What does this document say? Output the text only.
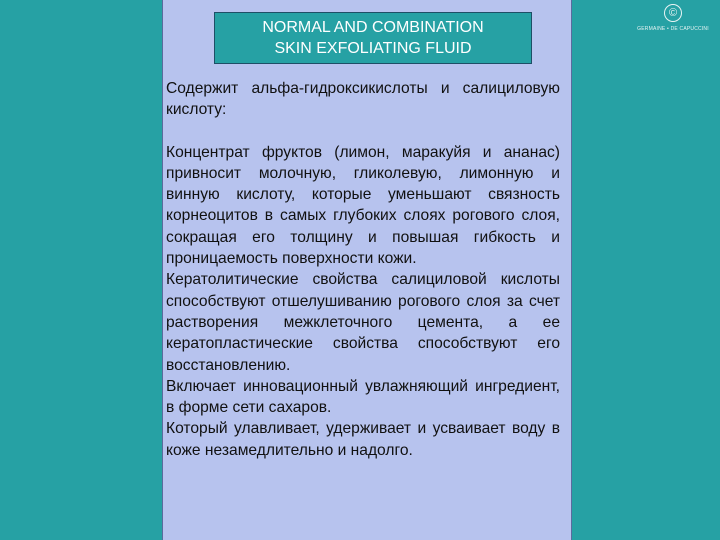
NORMAL AND COMBINATION
SKIN EXFOLIATING FLUID
©
GERMAINE • DE CAPUCCINI

Содержит альфа-гидроксикислоты и салициловую кислоту:

Концентрат фруктов (лимон, маракуйя и ананас) привносит молочную, гликолевую, лимонную и винную кислоту, которые уменьшают связность корнеоцитов в самых глубоких слоях рогового слоя, сокращая его толщину и повышая гибкость и проницаемость поверхности кожи.

Кератолитические свойства салициловой кислоты способствуют отшелушиванию рогового слоя за счет растворения межклеточного цемента, а ее кератопластические свойства способствуют его восстановлению.

Включает инновационный увлажняющий ингредиент, в форме сети сахаров.

Который улавливает, удерживает и усваивает воду в коже незамедлительно и надолго.
